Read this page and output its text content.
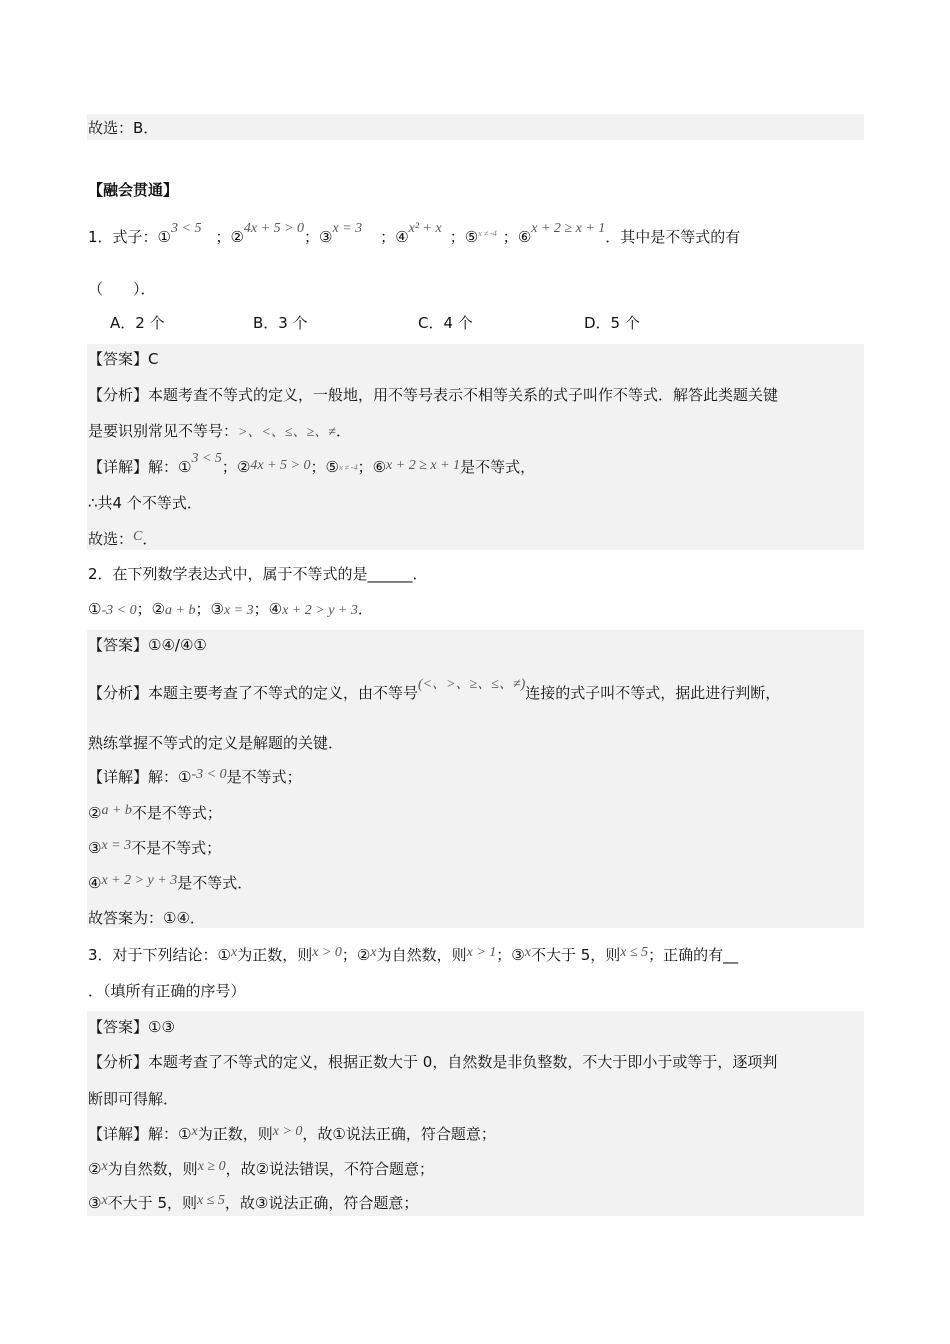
故选：B．
【融会贯通】
1．式子：①3 < 5 ；②4x + 5 > 0；③x = 3 ；④x² + x ；⑤$^{x \ne -4}$ ；⑥x + 2 ≥ x + 1．其中是不等式的有
（　　）．
A．2 个	B．3 个	C．4 个	D．5 个
【答案】C
【分析】本题考查不等式的定义，一般地，用不等号表示不相等关系的式子叫作不等式．解答此类题关键
是要识别常见不等号：>、<、≤、≥、≠．
【详解】解：①3 < 5；②4x + 5 > 0；⑤x ≠ -4；⑥x + 2 ≥ x + 1是不等式，
∴共4 个不等式．
故选：C．
2．在下列数学表达式中，属于不等式的是______．
①-3 < 0；②a + b；③x = 3；④x + 2 > y + 3．
【答案】①④/④①
【分析】本题主要考查了不等式的定义，由不等号(<、>、≥、≤、≠)连接的式子叫不等式，据此进行判断，
熟练掌握不等式的定义是解题的关键．
【详解】解：①-3 < 0是不等式；
②a + b不是不等式；
③x = 3不是不等式；
④x + 2 > y + 3是不等式．
故答案为：①④．
3．对于下列结论：①x为正数，则x > 0；②x为自然数，则x > 1；③x不大于 5，则x ≤ 5；正确的有__
．（填所有正确的序号）
【答案】①③
【分析】本题考查了不等式的定义，根据正数大于 0，自然数是非负整数，不大于即小于或等于，逐项判
断即可得解．
【详解】解：①x为正数，则x > 0，故①说法正确，符合题意；
②x为自然数，则x ≥ 0，故②说法错误，不符合题意；
③x不大于 5，则x ≤ 5，故③说法正确，符合题意；
